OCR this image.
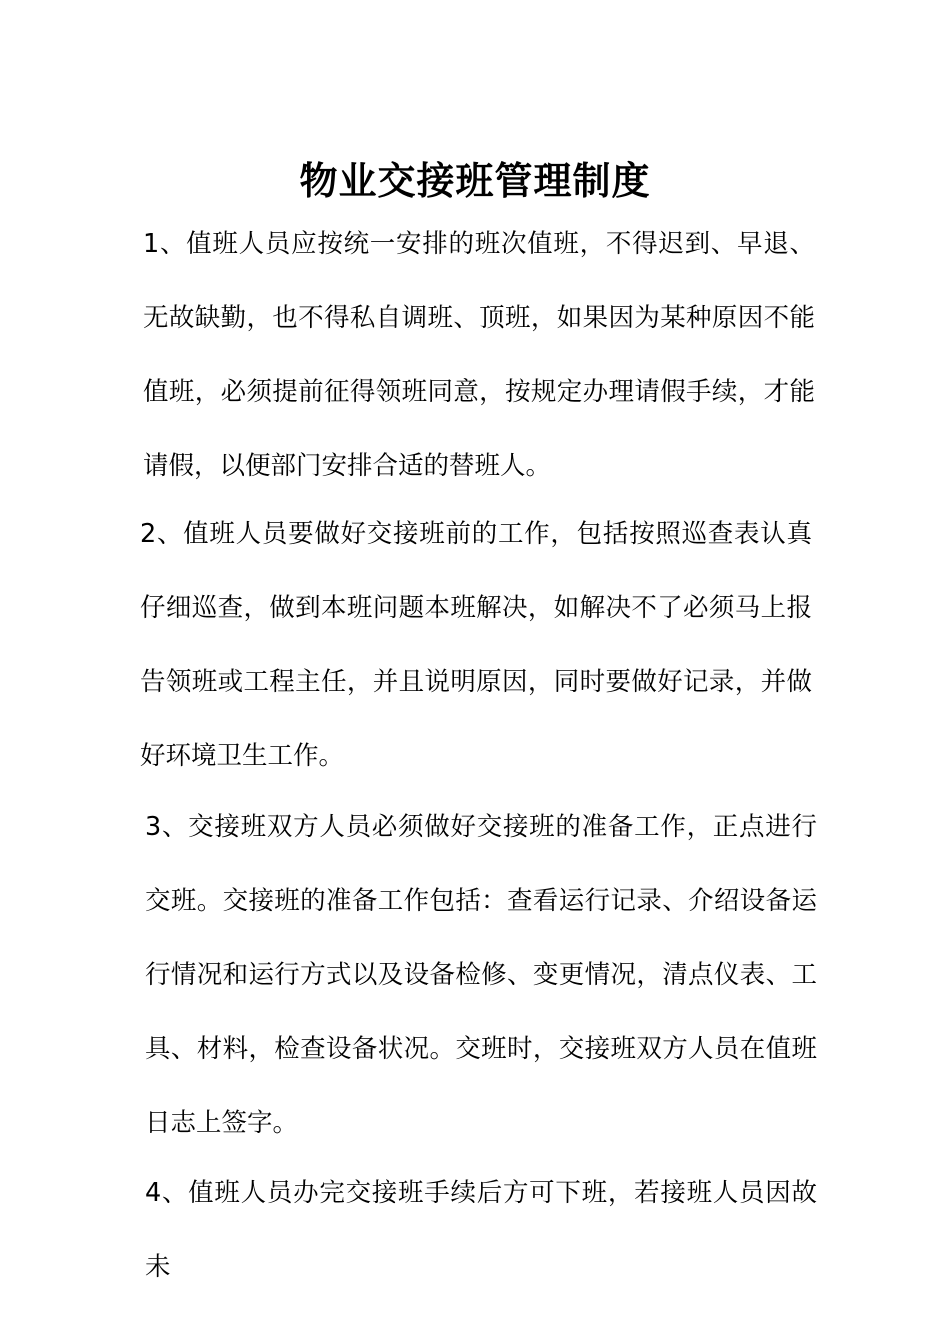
物业交接班管理制度

1、值班人员应按统一安排的班次值班，不得迟到、早退、无故缺勤，也不得私自调班、顶班，如果因为某种原因不能值班，必须提前征得领班同意，按规定办理请假手续，才能请假，以便部门安排合适的替班人。

2、值班人员要做好交接班前的工作，包括按照巡查表认真仔细巡查，做到本班问题本班解决，如解决不了必须马上报告领班或工程主任，并且说明原因，同时要做好记录，并做好环境卫生工作。

3、交接班双方人员必须做好交接班的准备工作，正点进行交班。交接班的准备工作包括：查看运行记录、介绍设备运行情况和运行方式以及设备检修、变更情况，清点仪表、工具、材料，检查设备状况。交班时，交接班双方人员在值班日志上签字。

4、值班人员办完交接班手续后方可下班，若接班人员因故未
